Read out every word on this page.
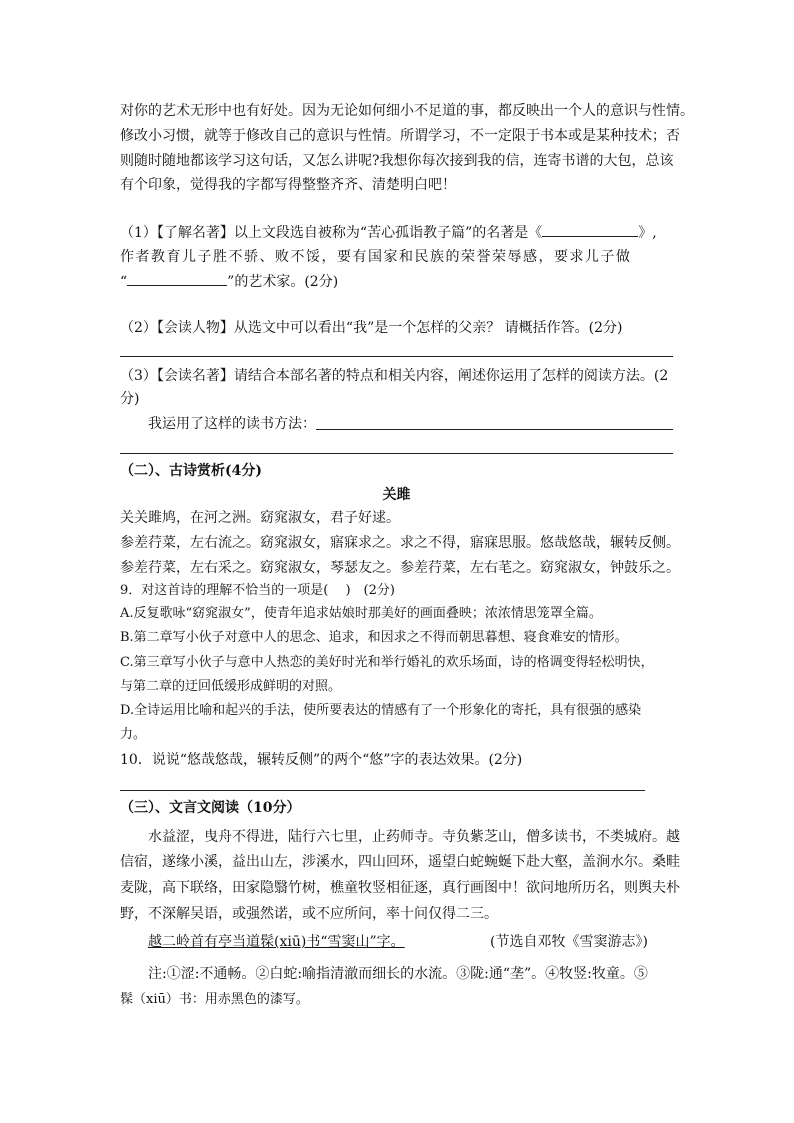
对你的艺术无形中也有好处。因为无论如何细小不足道的事，都反映出一个人的意识与性情。

修改小习惯，就等于修改自己的意识与性情。所谓学习，不一定限于书本或是某种技术；否

则随时随地都该学习这句话，又怎么讲呢?我想你每次接到我的信，连寄书谱的大包，总该

有个印象，觉得我的字都写得整整齐齐、清楚明白吧！

（1）【了解名著】以上文段选自被称为“苦心孤诣教子篇”的名著是《	》,

作者教育儿子胜不骄、败不馁，要有国家和民族的荣誉荣辱感，要求儿子做

“	”的艺术家。(2分)

（2）【会读人物】从选文中可以看出“我”是一个怎样的父亲？ 请概括作答。(2分)

（3）【会读名著】请结合本部名著的特点和相关内容，阐述你运用了怎样的阅读方法。(2

分)

我运用了这样的读书方法：

（二）、古诗赏析(4分)

关雎

关关雎鸠，在河之洲。窈窕淑女，君子好逑。

参差荇菜，左右流之。窈窕淑女，寤寐求之。求之不得，寤寐思服。悠哉悠哉，辗转反侧。

参差荇菜，左右采之。窈窕淑女，琴瑟友之。参差荇菜，左右芼之。窈窕淑女，钟鼓乐之。

9．对这首诗的理解不恰当的一项是(　 )　(2分)

A.反复歌咏“窈窕淑女”，使青年追求姑娘时那美好的画面叠映；浓浓情思笼罩全篇。

B.第二章写小伙子对意中人的思念、追求，和因求之不得而朝思暮想、寝食难安的情形。

C.第三章写小伙子与意中人热恋的美好时光和举行婚礼的欢乐场面，诗的格调变得轻松明快，

与第二章的迂回低缓形成鲜明的对照。

D.全诗运用比喻和起兴的手法，使所要表达的情感有了一个形象化的寄托，具有很强的感染

力。

10．说说“悠哉悠哉，辗转反侧”的两个“悠”字的表达效果。(2分)

（三）、文言文阅读（10分）

水益涩，曳舟不得进，陆行六七里，止药师寺。寺负紫芝山，僧多读书，不类城府。越

信宿，遂缘小溪，益出山左，涉溪水，四山回环，遥望白蛇蜿蜒下赴大壑，盖涧水尔。桑畦

麦陇，高下联络，田家隐翳竹树，樵童牧竖相征逐，真行画图中！欲问地所历名，则舆夫朴

野，不深解吴语，或强然诺，或不应所问，率十问仅得二三。

越二岭首有亭当道髹(xiū)书“雪窦山”字。	(节选自邓牧《雪窦游志》)

注:①涩:不通畅。②白蛇:喻指清澈而细长的水流。③陇:通“垄”。④牧竖:牧童。⑤

髹（xiū）书：用赤黑色的漆写。
